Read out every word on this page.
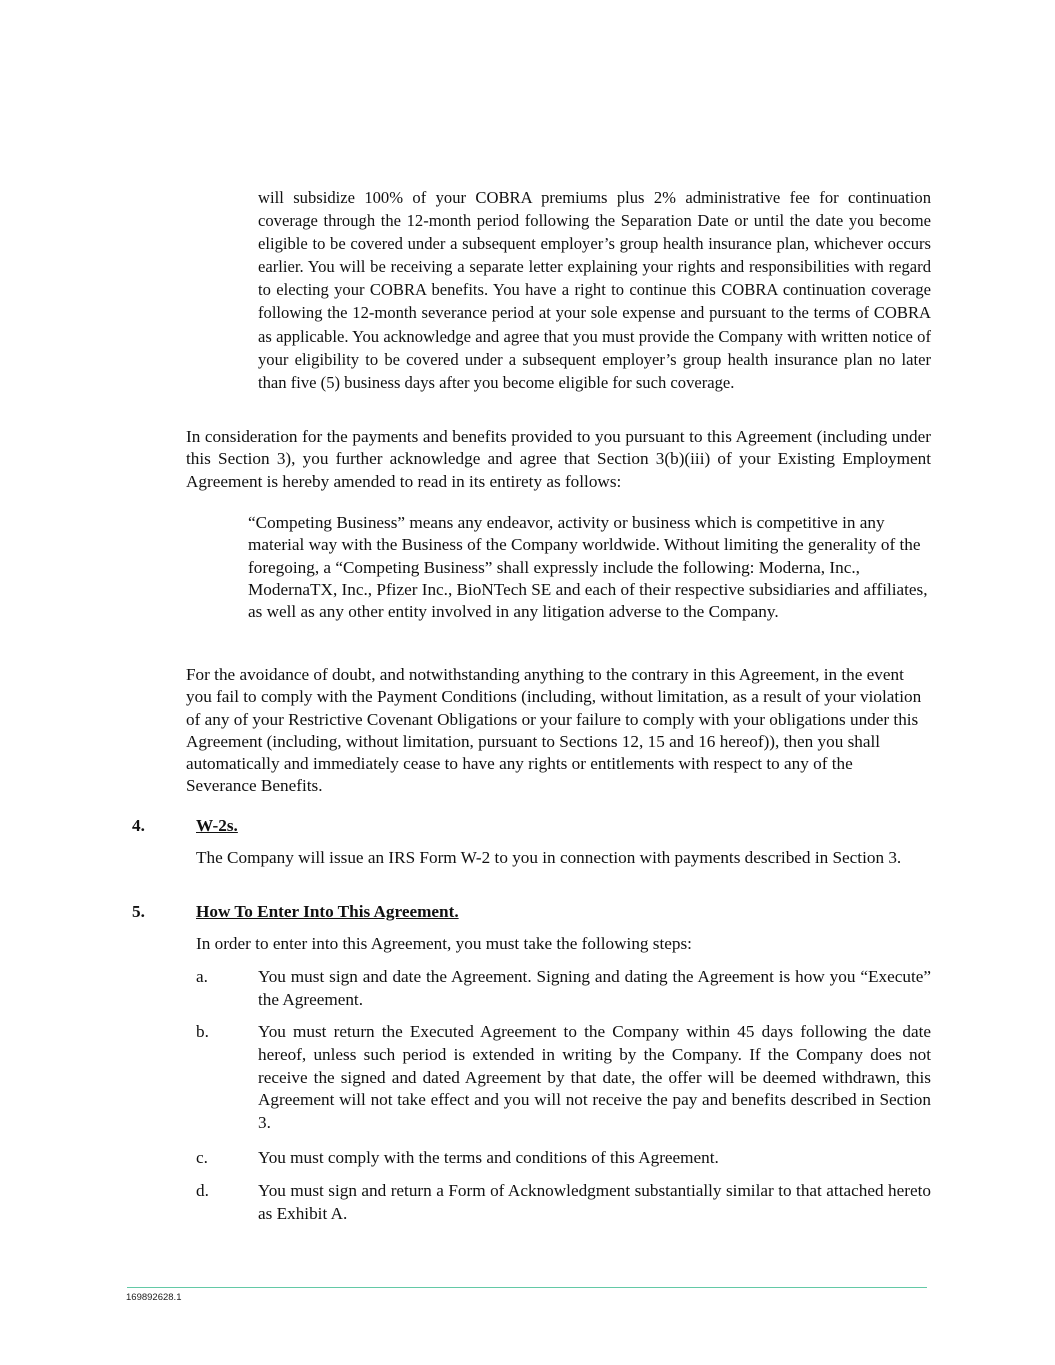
will subsidize 100% of your COBRA premiums plus 2% administrative fee for continuation coverage through the 12-month period following the Separation Date or until the date you become eligible to be covered under a subsequent employer’s group health insurance plan, whichever occurs earlier. You will be receiving a separate letter explaining your rights and responsibilities with regard to electing your COBRA benefits. You have a right to continue this COBRA continuation coverage following the 12-month severance period at your sole expense and pursuant to the terms of COBRA as applicable. You acknowledge and agree that you must provide the Company with written notice of your eligibility to be covered under a subsequent employer’s group health insurance plan no later than five (5) business days after you become eligible for such coverage.

In consideration for the payments and benefits provided to you pursuant to this Agreement (including under this Section 3), you further acknowledge and agree that Section 3(b)(iii) of your Existing Employment Agreement is hereby amended to read in its entirety as follows:

“Competing Business” means any endeavor, activity or business which is competitive in any material way with the Business of the Company worldwide. Without limiting the generality of the foregoing, a “Competing Business” shall expressly include the following: Moderna, Inc., ModernaTX, Inc., Pfizer Inc., BioNTech SE and each of their respective subsidiaries and affiliates, as well as any other entity involved in any litigation adverse to the Company.

For the avoidance of doubt, and notwithstanding anything to the contrary in this Agreement, in the event you fail to comply with the Payment Conditions (including, without limitation, as a result of your violation of any of your Restrictive Covenant Obligations or your failure to comply with your obligations under this Agreement (including, without limitation, pursuant to Sections 12, 15 and 16 hereof)), then you shall automatically and immediately cease to have any rights or entitlements with respect to any of the Severance Benefits.

4.	W-2s.

The Company will issue an IRS Form W-2 to you in connection with payments described in Section 3.

5.	How To Enter Into This Agreement.

In order to enter into this Agreement, you must take the following steps:

a.	You must sign and date the Agreement. Signing and dating the Agreement is how you “Execute” the Agreement.

b.	You must return the Executed Agreement to the Company within 45 days following the date hereof, unless such period is extended in writing by the Company. If the Company does not receive the signed and dated Agreement by that date, the offer will be deemed withdrawn, this Agreement will not take effect and you will not receive the pay and benefits described in Section 3.

c.	You must comply with the terms and conditions of this Agreement.

d.	You must sign and return a Form of Acknowledgment substantially similar to that attached hereto as Exhibit A.

169892628.1
